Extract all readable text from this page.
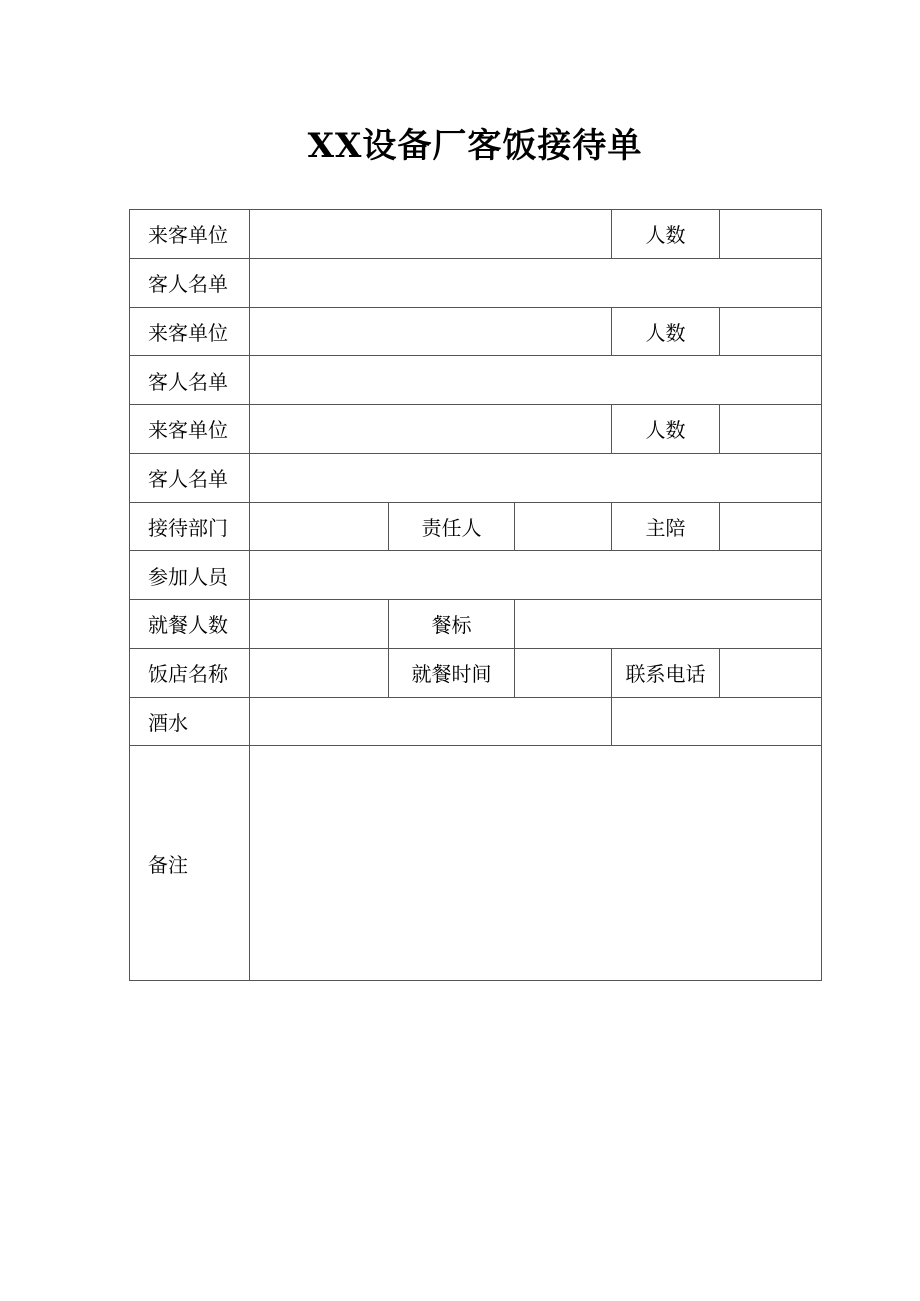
XX设备厂客饭接待单
来客单位				人数	
客人名单					
来客单位				人数	
客人名单					
来客单位				人数	
客人名单					
接待部门		责任人		主陪	
参加人员					
就餐人数		餐标			
饭店名称		就餐时间		联系电话	
酒水					
备注					
